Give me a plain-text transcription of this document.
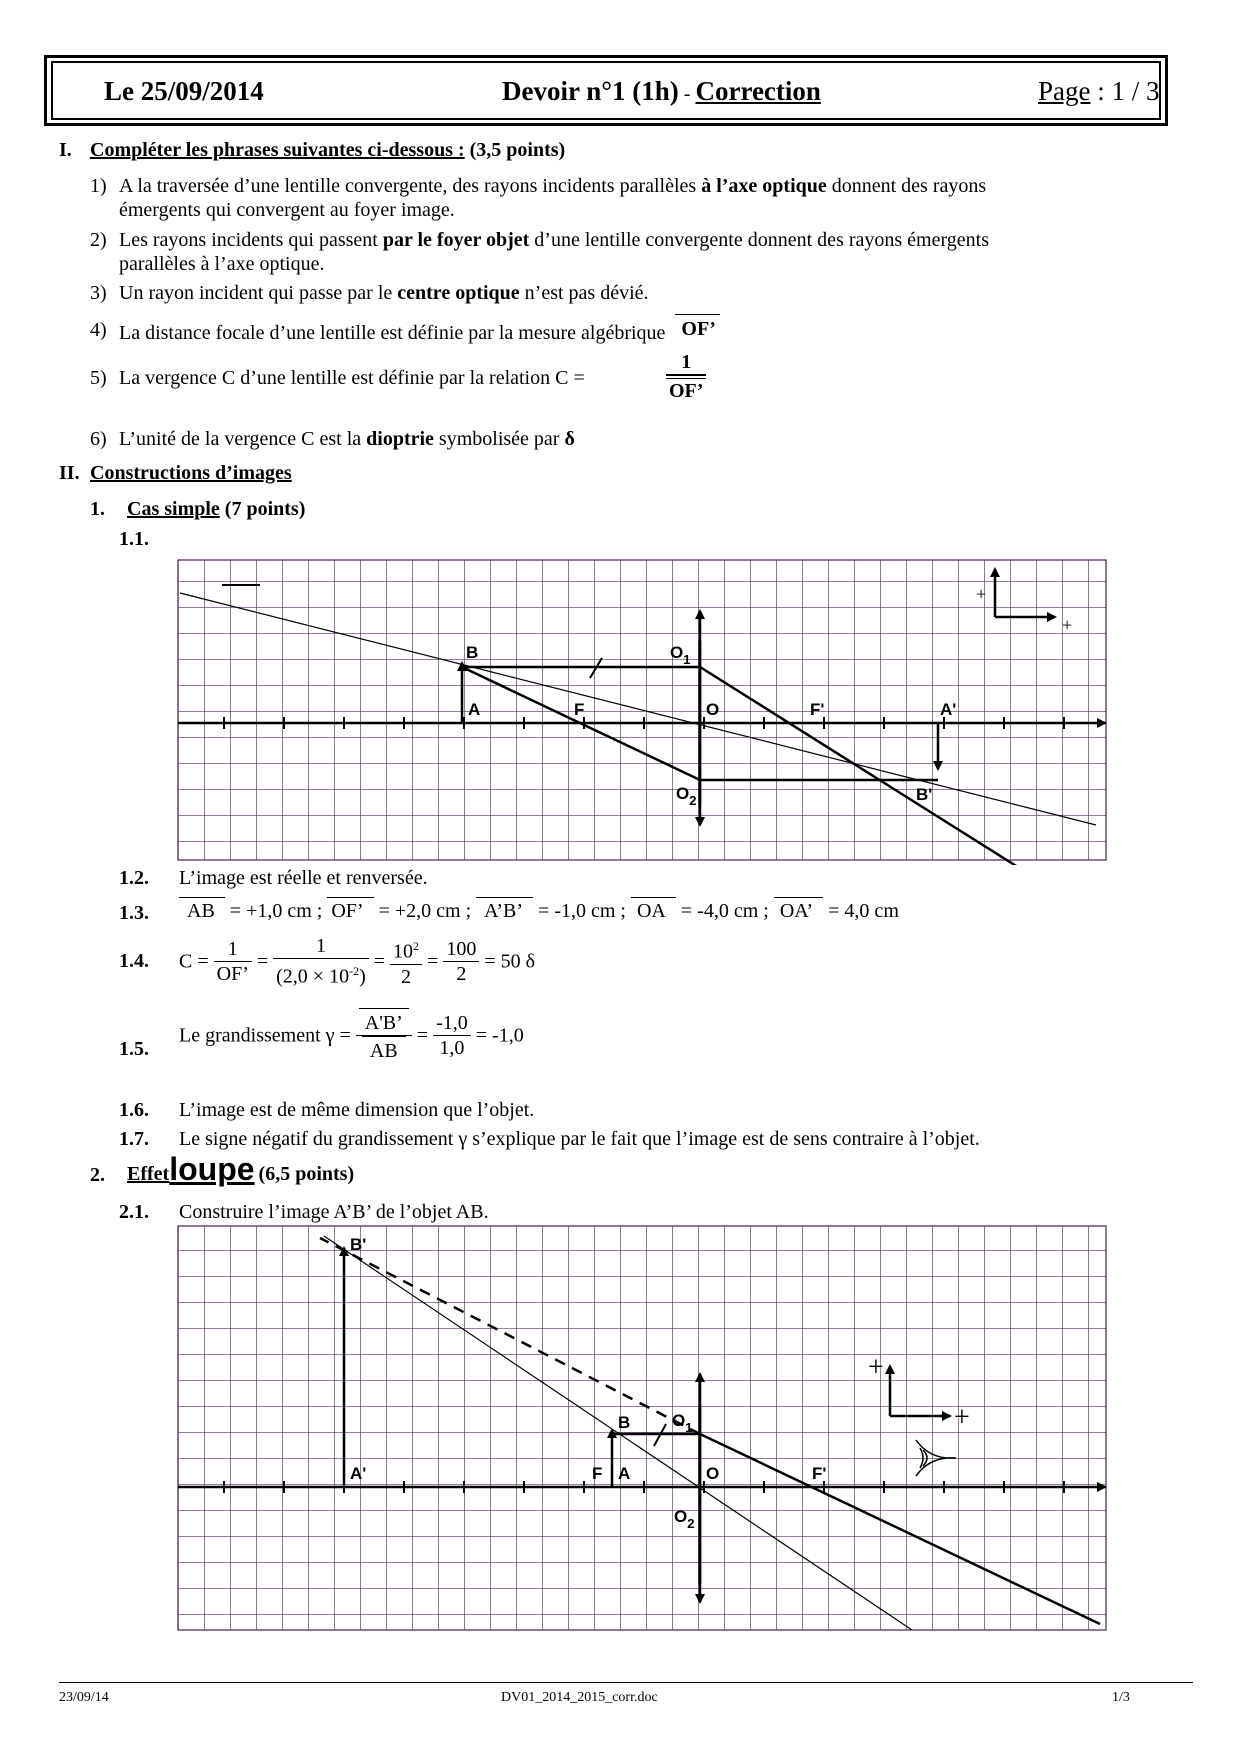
Le 25/09/2014	Devoir n°1 (1h) - Correction	Page : 1 / 3
I. Compléter les phrases suivantes ci-dessous : (3,5 points)
1) A la traversée d’une lentille convergente, des rayons incidents parallèles à l’axe optique donnent des rayons
émergents qui convergent au foyer image.
2) Les rayons incidents qui passent par le foyer objet d’une lentille convergente donnent des rayons émergents
parallèles à l’axe optique.
3) Un rayon incident qui passe par le centre optique n’est pas dévié.
4) La distance focale d’une lentille est définie par la mesure algébrique OF’
5) La vergence C d’une lentille est définie par la relation C =	$\frac{1}{OF’}$
6) L’unité de la vergence C est la dioptrie symbolisée par δ
II. Constructions d’images
1. Cas simple (7 points)
1.1.
B	$O_1$
A	F	O	F'	A'
$O_2$	B'
+
+
1.2. L’image est réelle et renversée.
1.3.	AB = +1,0 cm ; OF’ = +2,0 cm ; A’B’ = -1,0 cm ; OA = -4,0 cm ; OA’ = 4,0 cm
1.4. $C = \frac{1}{OF’} = \frac{1}{(2,0 \times 10^{-2})} = \frac{10^2}{2} = \frac{100}{2} = 50$ δ
1.5.
Le grandissement $\gamma = \frac{A'B’}{AB} = \frac{-1,0}{1,0} = -1,0$
1.6. L’image est de même dimension que l’objet.
1.7. Le signe négatif du grandissement γ s’explique par le fait que l’image est de sens contraire à l’objet.
2. Effetloupe (6,5 points)
2.1. Construire l’image A’B’ de l’objet AB.
B'
B $O_1$
A'	F A	O	F'
$O_2$
+
+
23/09/14	DV01_2014_2015_corr.doc	1/3
